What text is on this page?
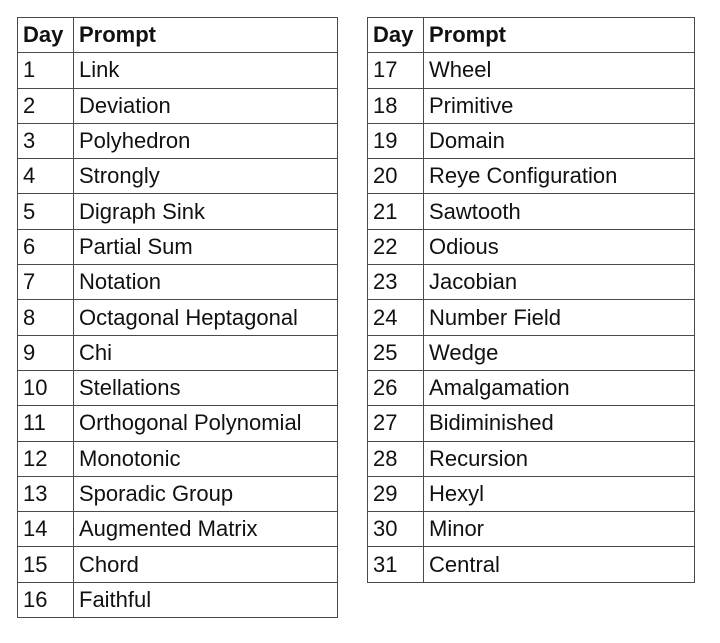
Day	Prompt
1	Link
2	Deviation
3	Polyhedron
4	Strongly
5	Digraph Sink
6	Partial Sum
7	Notation
8	Octagonal Heptagonal
9	Chi
10	Stellations
11	Orthogonal Polynomial
12	Monotonic
13	Sporadic Group
14	Augmented Matrix
15	Chord
16	Faithful
Day	Prompt
17	Wheel
18	Primitive
19	Domain
20	Reye Configuration
21	Sawtooth
22	Odious
23	Jacobian
24	Number Field
25	Wedge
26	Amalgamation
27	Bidiminished
28	Recursion
29	Hexyl
30	Minor
31	Central
